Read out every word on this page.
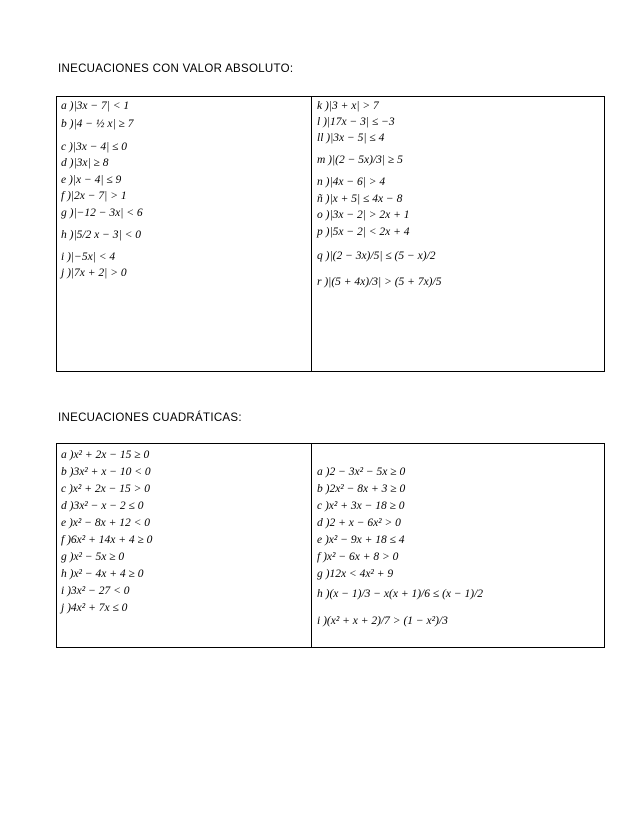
INECUACIONES CON VALOR ABSOLUTO:
a )|3x − 7| < 1
b )|4 − ½ x| ≥ 7
c )|3x − 4| ≤ 0
d )|3x| ≥ 8
e )|x − 4| ≤ 9
f )|2x − 7| > 1
g )|−12 − 3x| < 6
h )|5/2 x − 3| < 0
i )|−5x| < 4
j )|7x + 2| > 0
k )|3 + x| > 7
l )|17x − 3| ≤ −3
ll )|3x − 5| ≤ 4
m )|(2 − 5x)/3| ≥ 5
n )|4x − 6| > 4
ñ )|x + 5| ≤ 4x − 8
o )|3x − 2| > 2x + 1
p )|5x − 2| < 2x + 4
q )|(2 − 3x)/5| ≤ (5 − x)/2
r )|(5 + 4x)/3| > (5 + 7x)/5
INECUACIONES CUADRÁTICAS:
a )x² + 2x − 15 ≥ 0
b )3x² + x − 10 < 0
c )x² + 2x − 15 > 0
d )3x² − x − 2 ≤ 0
e )x² − 8x + 12 < 0
f )6x² + 14x + 4 ≥ 0
g )x² − 5x ≥ 0
h )x² − 4x + 4 ≥ 0
i )3x² − 27 < 0
j )4x² + 7x ≤ 0
a )2 − 3x² − 5x ≥ 0
b )2x² − 8x + 3 ≥ 0
c )x² + 3x − 18 ≥ 0
d )2 + x − 6x² > 0
e )x² − 9x + 18 ≤ 4
f )x² − 6x + 8 > 0
g )12x < 4x² + 9
h )(x − 1)/3 − x(x + 1)/6 ≤ (x − 1)/2
i )(x² + x + 2)/7 > (1 − x²)/3
